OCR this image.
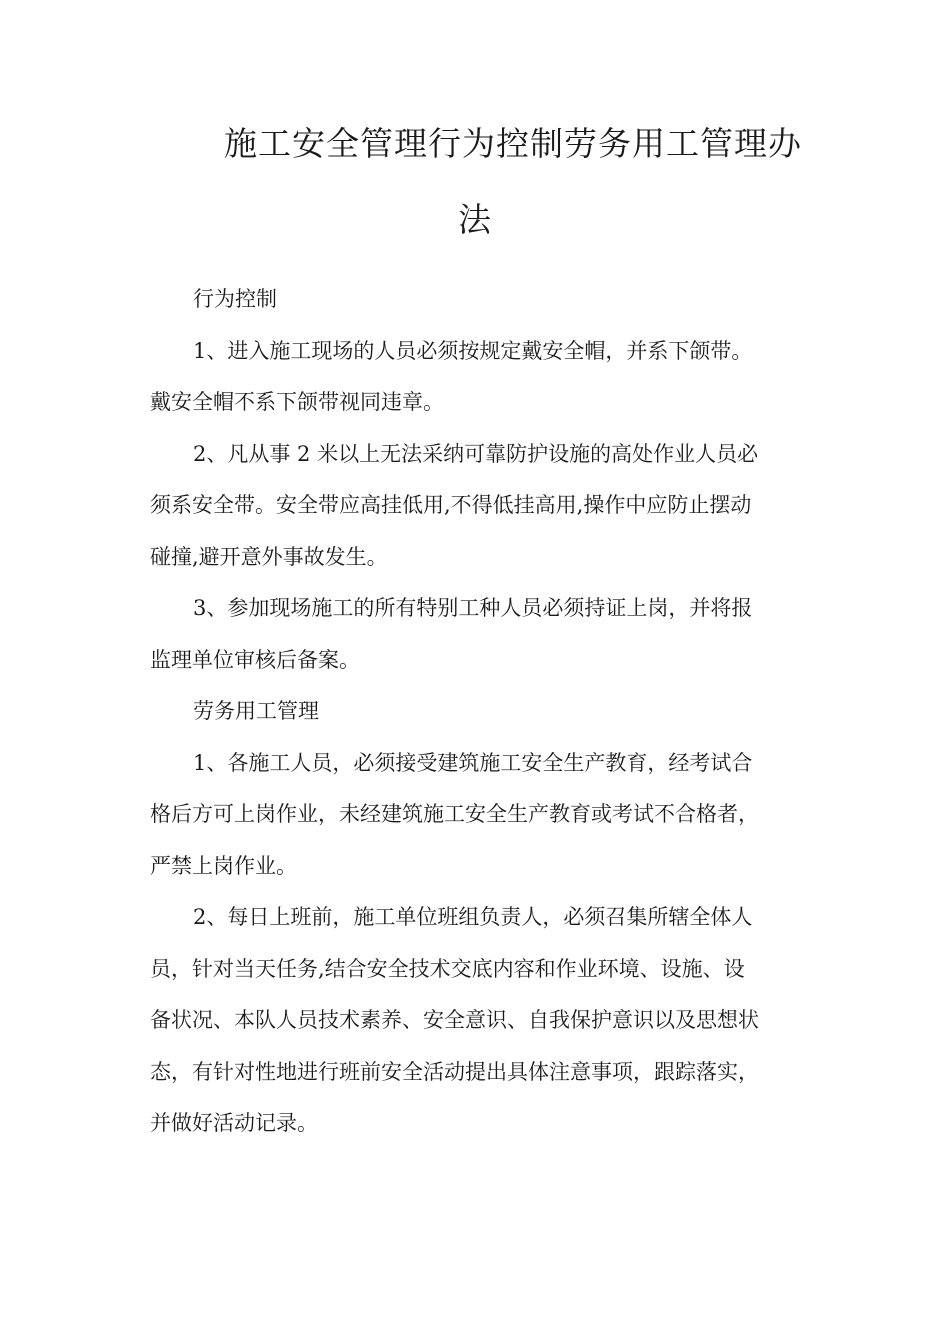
施工安全管理行为控制劳务用工管理办
法

行为控制

1、进入施工现场的人员必须按规定戴安全帽，并系下颌带。
戴安全帽不系下颌带视同违章。

2、凡从事 2 米以上无法采纳可靠防护设施的高处作业人员必
须系安全带。安全带应高挂低用,不得低挂高用,操作中应防止摆动
碰撞,避开意外事故发生。

3、参加现场施工的所有特别工种人员必须持证上岗，并将报
监理单位审核后备案。

劳务用工管理

1、各施工人员，必须接受建筑施工安全生产教育，经考试合
格后方可上岗作业，未经建筑施工安全生产教育或考试不合格者，
严禁上岗作业。

2、每日上班前，施工单位班组负责人，必须召集所辖全体人
员，针对当天任务,结合安全技术交底内容和作业环境、设施、设
备状况、本队人员技术素养、安全意识、自我保护意识以及思想状
态，有针对性地进行班前安全活动提出具体注意事项，跟踪落实，
并做好活动记录。
